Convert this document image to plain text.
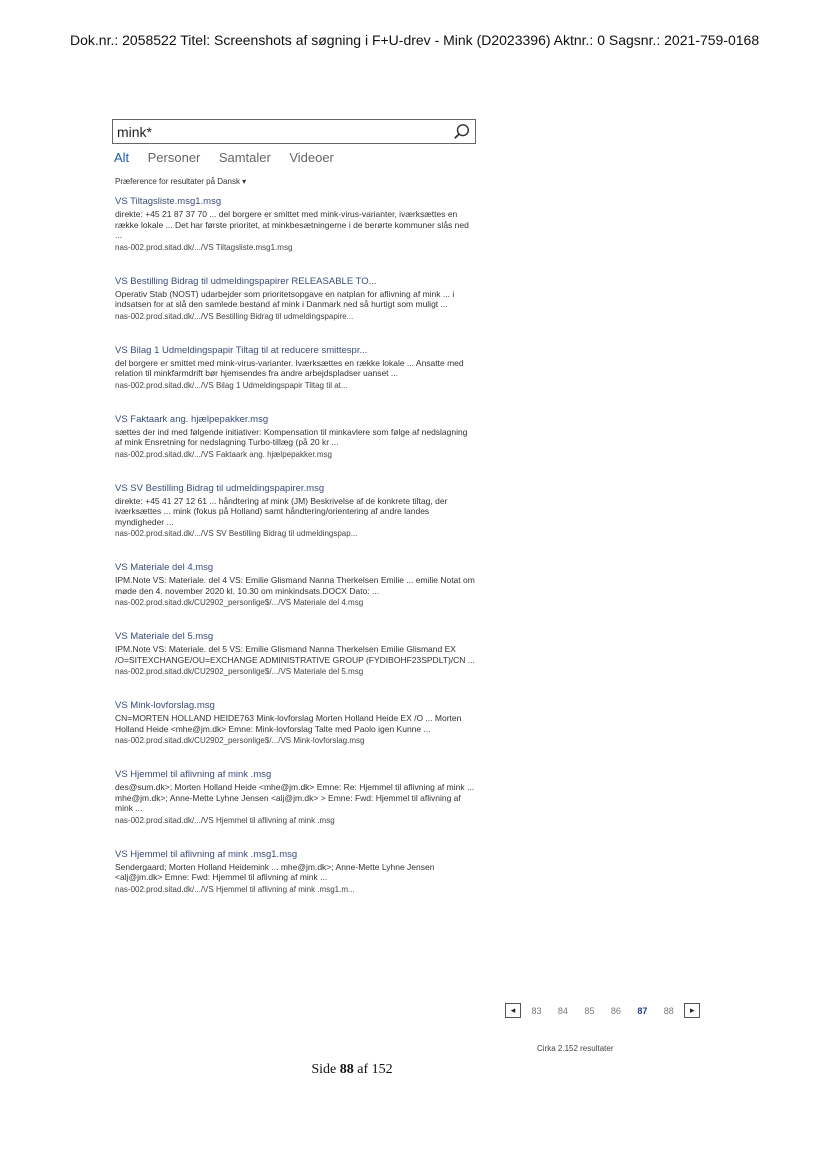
Dok.nr.: 2058522 Titel: Screenshots af søgning i F+U-drev - Mink (D2023396) Aktnr.: 0 Sagsnr.: 2021-759-0168
mink*
Alt Personer Samtaler Videoer
Præference for resultater på Dansk ▾
VS Tiltagsliste.msg1.msg
direkte: +45 21 87 37 70 ... del borgere er smittet med mink-virus-varianter, iværksættes en række lokale ... Det har første prioritet, at minkbesætningerne i de berørte kommuner slås ned ...
nas-002.prod.sitad.dk/.../VS Tiltagsliste.msg1.msg
VS Bestilling Bidrag til udmeldingspapirer RELEASABLE TO...
Operativ Stab (NOST) udarbejder som prioritetsopgave en natplan for aflivning af mink ... i indsatsen for at slå den samlede bestand af mink i Danmark ned så hurtigt som muligt ...
nas-002.prod.sitad.dk/.../VS Bestilling Bidrag til udmeldingspapire...
VS Bilag 1 Udmeldingspapir Tiltag til at reducere smittespr...
del borgere er smittet med mink-virus-varianter. Iværksættes en række lokale ... Ansatte med relation til minkfarmdrift bør hjemsendes fra andre arbejdspladser uanset ...
nas-002.prod.sitad.dk/.../VS Bilag 1 Udmeldingspapir Tiltag til at...
VS Faktaark ang. hjælpepakker.msg
sættes der ind med følgende initiativer: Kompensation til minkavlere som følge af nedslagning af mink Ensretning for nedslagning Turbo-tillæg (på 20 kr ...
nas-002.prod.sitad.dk/.../VS Faktaark ang. hjælpepakker.msg
VS SV Bestilling Bidrag til udmeldingspapirer.msg
direkte: +45 41 27 12 61 ... håndtering af mink (JM) Beskrivelse af de konkrete tiltag, der iværksættes ... mink (fokus på Holland) samt håndtering/orientering af andre landes myndigheder ...
nas-002.prod.sitad.dk/.../VS SV Bestilling Bidrag til udmeldingspap...
VS Materiale del 4.msg
IPM.Note VS: Materiale. del 4 VS: Emilie Glismand Nanna Therkelsen Emilie ... emilie Notat om møde den 4. november 2020 kl. 10.30 om minkindsats.DOCX Dato: ...
nas-002.prod.sitad.dk/CU2902_personlige$/.../VS Materiale del 4.msg
VS Materiale del 5.msg
IPM.Note VS: Materiale. del 5 VS: Emilie Glismand Nanna Therkelsen Emilie Glismand EX /O=SITEXCHANGE/OU=EXCHANGE ADMINISTRATIVE GROUP (FYDIBOHF23SPDLT)/CN ...
nas-002.prod.sitad.dk/CU2902_personlige$/.../VS Materiale del 5.msg
VS Mink-lovforslag.msg
CN=MORTEN HOLLAND HEIDE763 Mink-lovforslag Morten Holland Heide EX /O ... Morten Holland Heide <mhe@jm.dk> Emne: Mink-lovforslag Talte med Paolo igen Kunne ...
nas-002.prod.sitad.dk/CU2902_personlige$/.../VS Mink-lovforslag.msg
VS Hjemmel til aflivning af mink .msg
des@sum.dk>; Morten Holland Heide <mhe@jm.dk> Emne: Re: Hjemmel til aflivning af mink ... mhe@jm.dk>; Anne-Mette Lyhne Jensen <alj@jm.dk> > Emne: Fwd: Hjemmel til aflivning af mink ...
nas-002.prod.sitad.dk/.../VS Hjemmel til aflivning af mink .msg
VS Hjemmel til aflivning af mink .msg1.msg
Sendergaard; Morten Holland Heidemink ... mhe@jm.dk>; Anne-Mette Lyhne Jensen <alj@jm.dk> Emne: Fwd: Hjemmel til aflivning af mink ...
nas-002.prod.sitad.dk/.../VS Hjemmel til aflivning af mink .msg1.m...
◂ 83 84 85 86 87 88 ▸
Cirka 2.152 resultater
Side 88 af 152
